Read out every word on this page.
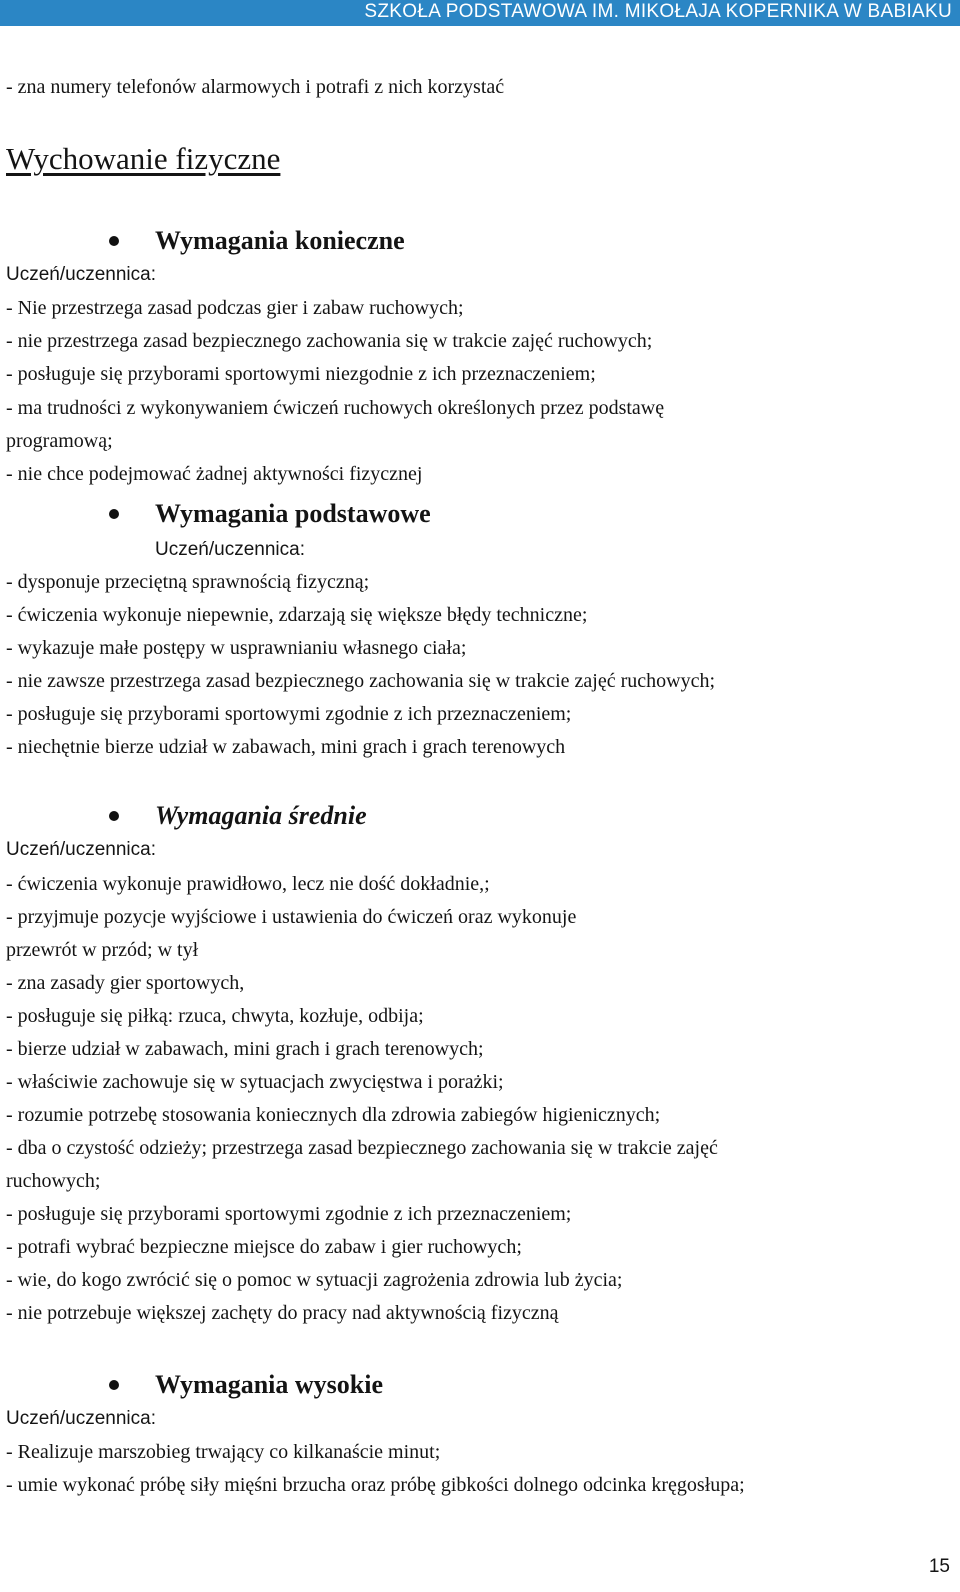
SZKOŁA PODSTAWOWA IM. MIKOŁAJA KOPERNIKA W BABIAKU
- zna numery telefonów alarmowych i potrafi z nich korzystać
Wychowanie fizyczne
Wymagania konieczne
Uczeń/uczennica:
- Nie przestrzega zasad podczas gier i zabaw ruchowych;
- nie przestrzega zasad bezpiecznego zachowania się w trakcie zajęć ruchowych;
- posługuje się przyborami sportowymi niezgodnie z ich przeznaczeniem;
- ma trudności z wykonywaniem ćwiczeń ruchowych określonych przez podstawę
programową;
- nie chce podejmować żadnej aktywności fizycznej
Wymagania podstawowe
Uczeń/uczennica:
- dysponuje przeciętną sprawnością fizyczną;
- ćwiczenia wykonuje niepewnie, zdarzają się większe błędy techniczne;
- wykazuje małe postępy w usprawnianiu własnego ciała;
- nie zawsze przestrzega zasad bezpiecznego zachowania się w trakcie zajęć ruchowych;
- posługuje się przyborami sportowymi zgodnie z ich przeznaczeniem;
- niechętnie bierze udział w zabawach, mini grach i grach terenowych
Wymagania średnie
Uczeń/uczennica:
- ćwiczenia wykonuje prawidłowo, lecz nie dość dokładnie,;
- przyjmuje pozycje wyjściowe i ustawienia do ćwiczeń oraz wykonuje
przewrót w przód; w tył
- zna zasady gier sportowych,
- posługuje się piłką: rzuca, chwyta, kozłuje, odbija;
- bierze udział w zabawach, mini grach i grach terenowych;
- właściwie zachowuje się w sytuacjach zwycięstwa i porażki;
- rozumie potrzebę stosowania koniecznych dla zdrowia zabiegów higienicznych;
- dba o czystość odzieży; przestrzega zasad bezpiecznego zachowania się w trakcie zajęć
ruchowych;
- posługuje się przyborami sportowymi zgodnie z ich przeznaczeniem;
- potrafi wybrać bezpieczne miejsce do zabaw i gier ruchowych;
- wie, do kogo zwrócić się o pomoc w sytuacji zagrożenia zdrowia lub życia;
- nie potrzebuje większej zachęty do pracy nad aktywnością fizyczną
Wymagania wysokie
Uczeń/uczennica:
- Realizuje marszobieg trwający co kilkanaście minut;
- umie wykonać próbę siły mięśni brzucha oraz próbę gibkości dolnego odcinka kręgosłupa;
15
